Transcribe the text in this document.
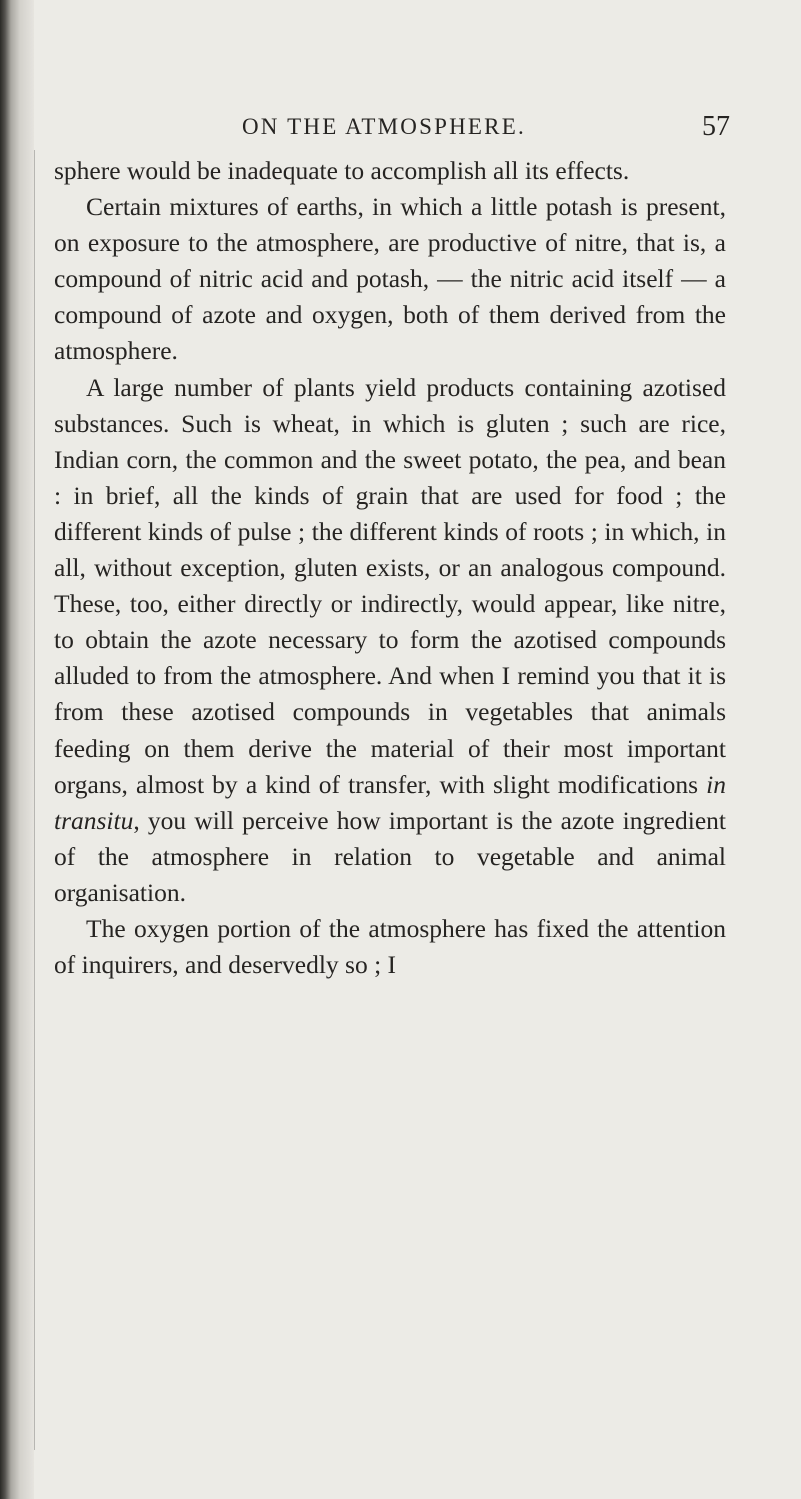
ON THE ATMOSPHERE.	57

sphere would be inadequate to accomplish all its effects.

Certain mixtures of earths, in which a little potash is present, on exposure to the atmosphere, are productive of nitre, that is, a compound of nitric acid and potash, — the nitric acid itself — a compound of azote and oxygen, both of them derived from the atmosphere.

A large number of plants yield products containing azotised substances. Such is wheat, in which is gluten ; such are rice, Indian corn, the common and the sweet potato, the pea, and bean : in brief, all the kinds of grain that are used for food ; the different kinds of pulse ; the different kinds of roots ; in which, in all, without exception, gluten exists, or an analogous compound. These, too, either directly or indirectly, would appear, like nitre, to obtain the azote necessary to form the azotised compounds alluded to from the atmosphere. And when I remind you that it is from these azotised compounds in vegetables that animals feeding on them derive the material of their most important organs, almost by a kind of transfer, with slight modifications in transitu, you will perceive how important is the azote ingredient of the atmosphere in relation to vegetable and animal organisation.

The oxygen portion of the atmosphere has fixed the attention of inquirers, and deservedly so ; I
